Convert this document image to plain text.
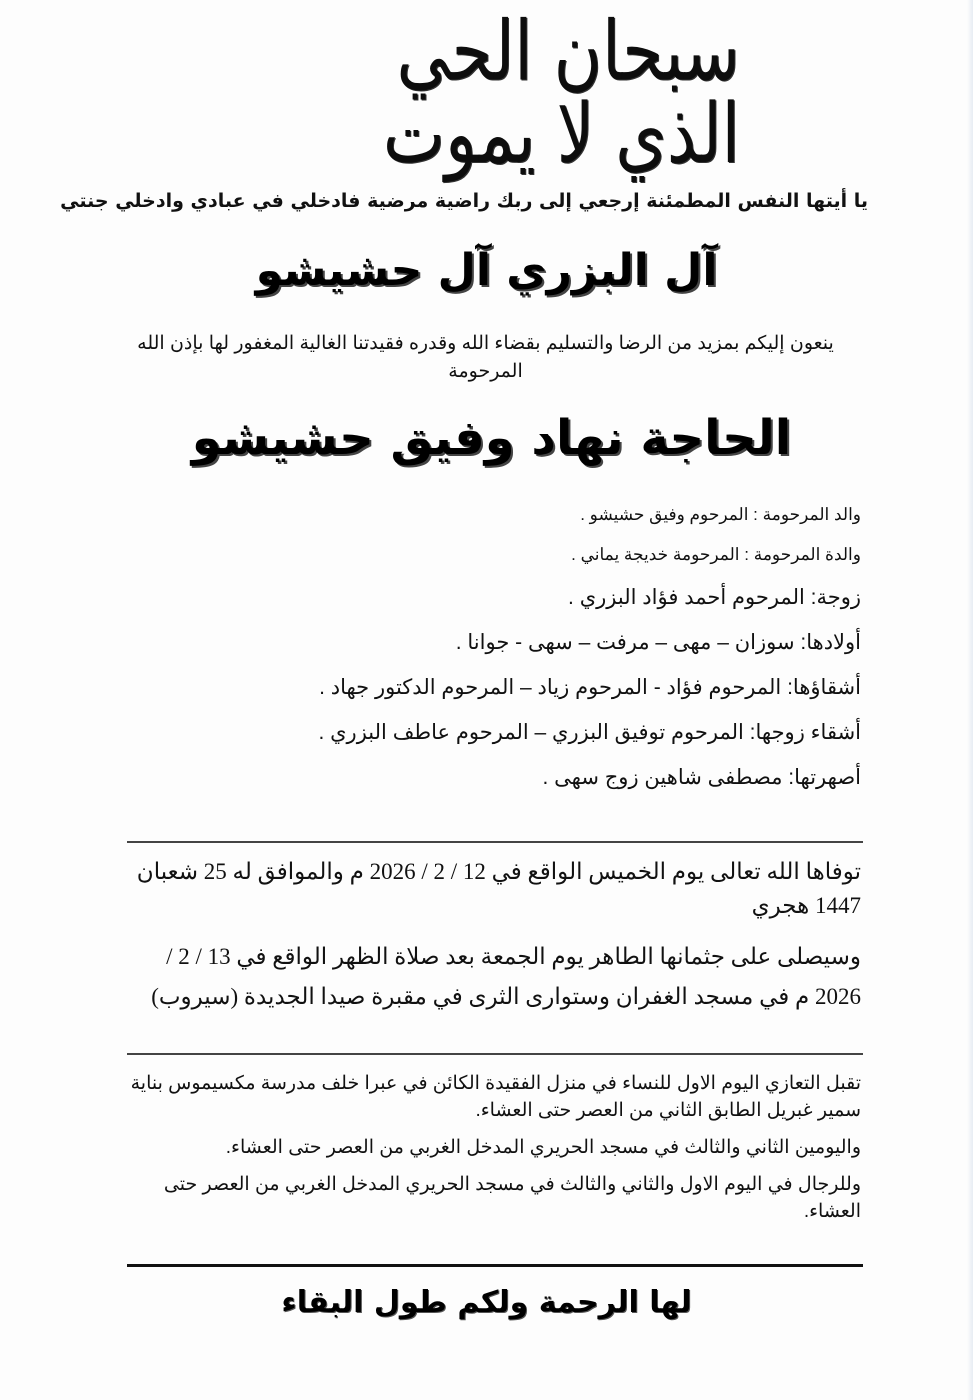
سبحان الحي الذي لا يموت
يا أيتها النفس المطمئنة إرجعي إلى ربك راضية مرضية فادخلي في عبادي وادخلي جنتي
آل البزري آل حشيشو
ينعون إليكم بمزيد من الرضا والتسليم بقضاء الله وقدره فقيدتنا الغالية المغفور لها بإذن الله
المرحومة
الحاجة نهاد وفيق حشيشو
والد المرحومة : المرحوم وفيق حشيشو .
والدة المرحومة : المرحومة خديجة يماني .
زوجة: المرحوم أحمد فؤاد البزري .
أولادها: سوزان – مهى – مرفت – سهى - جوانا .
أشقاؤها: المرحوم فؤاد - المرحوم زياد – المرحوم الدكتور جهاد .
أشقاء زوجها: المرحوم توفيق البزري – المرحوم عاطف البزري .
أصهرتها: مصطفى شاهين زوج سهى .
توفاها الله تعالى يوم الخميس الواقع في 12 / 2 / 2026 م والموافق له 25 شعبان 1447 هجري
وسيصلى على جثمانها الطاهر يوم الجمعة بعد صلاة الظهر الواقع في 13 / 2 / 2026 م في مسجد الغفران وستوارى الثرى في مقبرة صيدا الجديدة (سيروب)
تقبل التعازي اليوم الاول للنساء في منزل الفقيدة الكائن في عبرا خلف مدرسة مكسيموس بناية سمير غبريل الطابق الثاني من العصر حتى العشاء.
واليومين الثاني والثالث في مسجد الحريري المدخل الغربي من العصر حتى العشاء.
وللرجال في اليوم الاول والثاني والثالث في مسجد الحريري المدخل الغربي من العصر حتى العشاء.
لها الرحمة ولكم طول البقاء
